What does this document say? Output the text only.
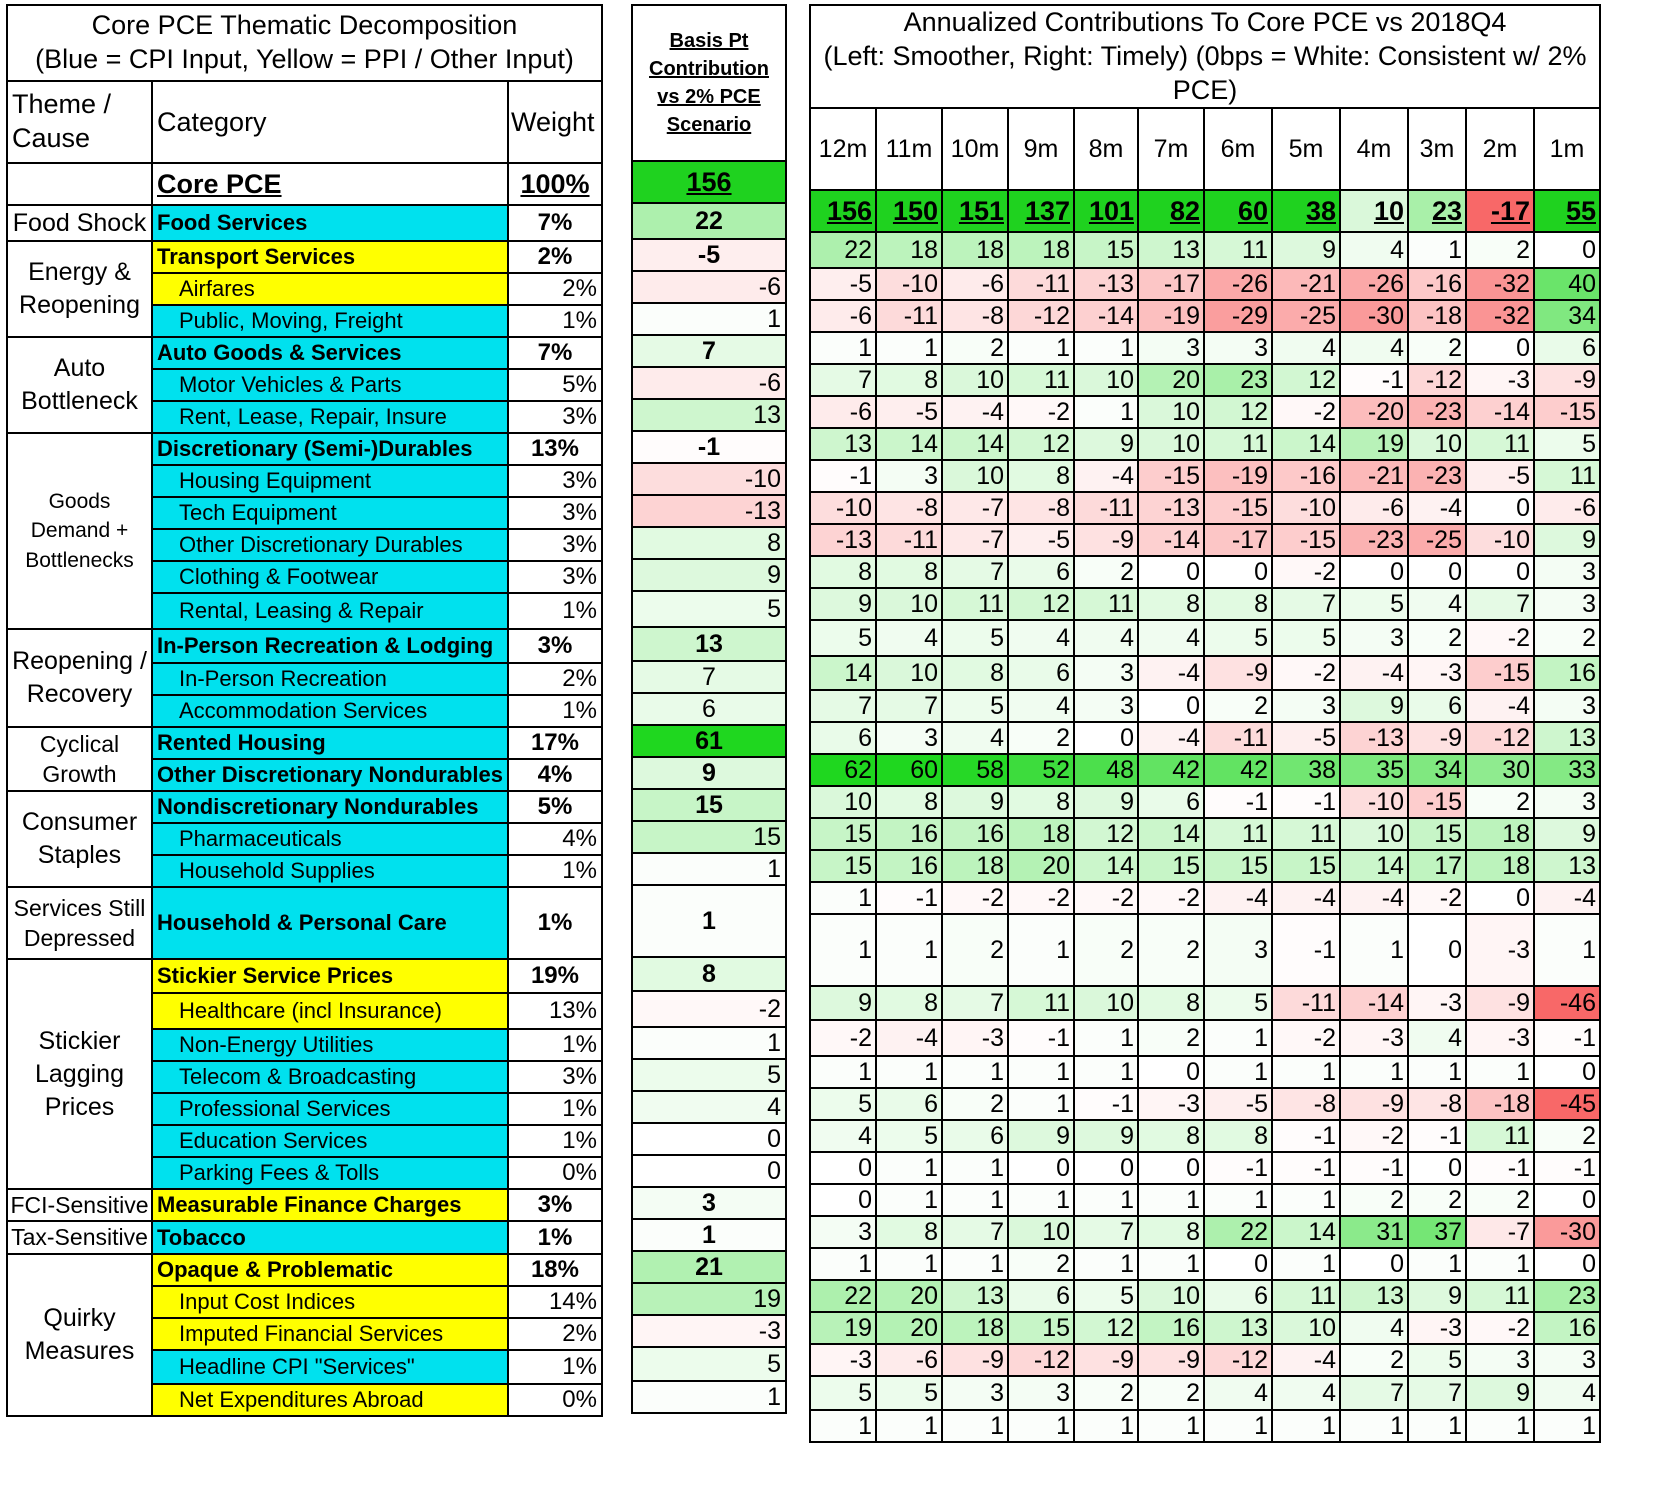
Core PCE Thematic Decomposition
(Blue = CPI Input, Yellow = PPI / Other Input)		
Theme / Cause	Category	Weight
	Core PCE	100%
Food Shock	Food Services	7%
Energy & Reopening	Transport Services	2%
	Airfares	2%
	Public, Moving, Freight	1%
Auto Bottleneck	Auto Goods & Services	7%
	Motor Vehicles & Parts	5%
	Rent, Lease, Repair, Insure	3%
Goods Demand + Bottlenecks	Discretionary (Semi-)Durables	13%
	Housing Equipment	3%
	Tech Equipment	3%
	Other Discretionary Durables	3%
	Clothing & Footwear	3%
	Rental, Leasing & Repair	1%
Reopening / Recovery	In-Person Recreation & Lodging	3%
	In-Person Recreation	2%
	Accommodation Services	1%
Cyclical Growth	Rented Housing	17%
	Other Discretionary Nondurables	4%
Consumer Staples	Nondiscretionary Nondurables	5%
	Pharmaceuticals	4%
	Household Supplies	1%
Services Still Depressed	Household & Personal Care	1%
Stickier Lagging Prices	Stickier Service Prices	19%
	Healthcare (incl Insurance)	13%
	Non-Energy Utilities	1%
	Telecom & Broadcasting	3%
	Professional Services	1%
	Education Services	1%
	Parking Fees & Tolls	0%
FCI-Sensitive	Measurable Finance Charges	3%
Tax-Sensitive	Tobacco	1%
Quirky Measures	Opaque & Problematic	18%
	Input Cost Indices	14%
	Imputed Financial Services	2%
	Headline CPI "Services"	1%
	Net Expenditures Abroad	0%
Basis Pt Contribution vs 2% PCE Scenario
156
22
-5
-6
1
7
-6
13
-1
-10
-13
8
9
5
13
7
6
61
9
15
15
1
1
8
-2
1
5
4
0
0
3
1
21
19
-3
5
1
Annualized Contributions To Core PCE vs 2018Q4
(Left: Smoother, Right: Timely) (0bps = White: Consistent w/ 2% PCE)											
12m	11m	10m	9m	8m	7m	6m	5m	4m	3m	2m	1m
156	150	151	137	101	82	60	38	10	23	-17	55
22	18	18	18	15	13	11	9	4	1	2	0
-5	-10	-6	-11	-13	-17	-26	-21	-26	-16	-32	40
-6	-11	-8	-12	-14	-19	-29	-25	-30	-18	-32	34
1	1	2	1	1	3	3	4	4	2	0	6
7	8	10	11	10	20	23	12	-1	-12	-3	-9
-6	-5	-4	-2	1	10	12	-2	-20	-23	-14	-15
13	14	14	12	9	10	11	14	19	10	11	5
-1	3	10	8	-4	-15	-19	-16	-21	-23	-5	11
-10	-8	-7	-8	-11	-13	-15	-10	-6	-4	0	-6
-13	-11	-7	-5	-9	-14	-17	-15	-23	-25	-10	9
8	8	7	6	2	0	0	-2	0	0	0	3
9	10	11	12	11	8	8	7	5	4	7	3
5	4	5	4	4	4	5	5	3	2	-2	2
14	10	8	6	3	-4	-9	-2	-4	-3	-15	16
7	7	5	4	3	0	2	3	9	6	-4	3
6	3	4	2	0	-4	-11	-5	-13	-9	-12	13
62	60	58	52	48	42	42	38	35	34	30	33
10	8	9	8	9	6	-1	-1	-10	-15	2	3
15	16	16	18	12	14	11	11	10	15	18	9
15	16	18	20	14	15	15	15	14	17	18	13
1	-1	-2	-2	-2	-2	-4	-4	-4	-2	0	-4
1	1	2	1	2	2	3	-1	1	0	-3	1
9	8	7	11	10	8	5	-11	-14	-3	-9	-46
-2	-4	-3	-1	1	2	1	-2	-3	4	-3	-1
1	1	1	1	1	0	1	1	1	1	1	0
5	6	2	1	-1	-3	-5	-8	-9	-8	-18	-45
4	5	6	9	9	8	8	-1	-2	-1	11	2
0	1	1	0	0	0	-1	-1	-1	0	-1	-1
0	1	1	1	1	1	1	1	2	2	2	0
3	8	7	10	7	8	22	14	31	37	-7	-30
1	1	1	2	1	1	0	1	0	1	1	0
22	20	13	6	5	10	6	11	13	9	11	23
19	20	18	15	12	16	13	10	4	-3	-2	16
-3	-6	-9	-12	-9	-9	-12	-4	2	5	3	3
5	5	3	3	2	2	4	4	7	7	9	4
1	1	1	1	1	1	1	1	1	1	1	1
